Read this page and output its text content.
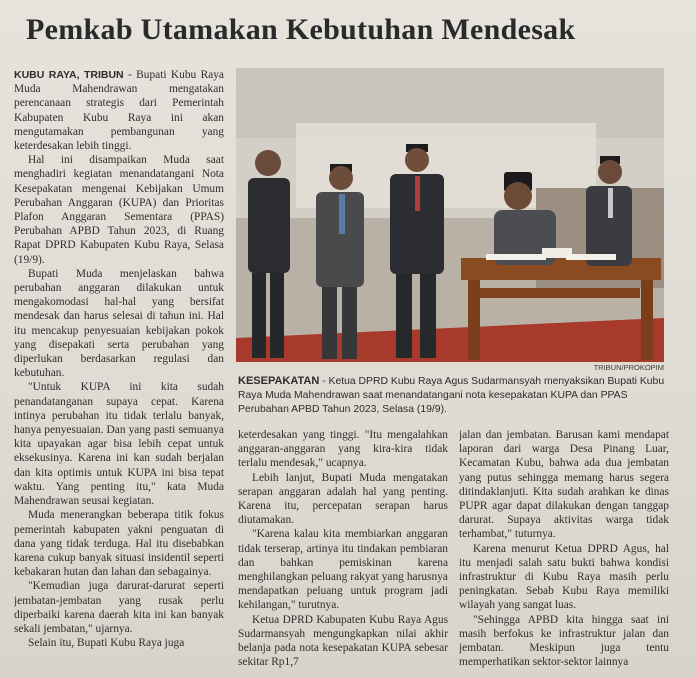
Pemkab Utamakan Kebutuhan Mendesak

KUBU RAYA, TRIBUN - Bupati Kubu Raya Muda Mahendrawan mengatakan perencanaan strategis dari Pemerintah Kabupaten Kubu Raya ini akan mengutamakan pembangunan yang keterdesakan lebih tinggi.

Hal ini disampaikan Muda saat menghadiri kegiatan menandatangani Nota Kesepakatan mengenai Kebijakan Umum Perubahan Anggaran (KUPA) dan Prioritas Plafon Anggaran Sementara (PPAS) Perubahan APBD Tahun 2023, di Ruang Rapat DPRD Kabupaten Kubu Raya, Selasa (19/9).

Bupati Muda menjelaskan bahwa perubahan anggaran dilakukan untuk mengakomodasi hal-hal yang bersifat mendesak dan harus selesai di tahun ini. Hal itu mencakup penyesuaian kebijakan pokok yang disepakati serta perubahan yang diperlukan berdasarkan regulasi dan kebutuhan.

"Untuk KUPA ini kita sudah penandatanganan supaya cepat. Karena intinya perubahan itu tidak terlalu banyak, hanya penyesuaian. Dan yang pasti semuanya kita upayakan agar bisa lebih cepat untuk eksekusinya. Karena ini kan sudah berjalan dan kita optimis untuk KUPA ini bisa tepat waktu. Yang penting itu," kata Muda Mahendrawan seusai kegiatan.

Muda menerangkan beberapa titik fokus pemerintah kabupaten yakni penguatan di dana yang tidak terduga. Hal itu disebabkan karena cukup banyak situasi insidentil seperti kebakaran hutan dan lahan dan sebagainya.

"Kemudian juga darurat-darurat seperti jembatan-jembatan yang rusak perlu diperbaiki karena daerah kita ini kan banyak sekali jembatan," ujarnya.

Selain itu, Bupati Kubu Raya juga

TRIBUN/PROKOPIM
KESEPAKATAN - Ketua DPRD Kubu Raya Agus Sudarmansyah menyaksikan Bupati Kubu Raya Muda Mahendrawan saat menandatangani nota kesepakatan KUPA dan PPAS Perubahan APBD Tahun 2023, Selasa (19/9).

keterdesakan yang tinggi. "Itu mengalahkan anggaran-anggaran yang kira-kira tidak terlalu mendesak," ucapnya.

Lebih lanjut, Bupati Muda mengatakan serapan anggaran adalah hal yang penting. Karena itu, percepatan serapan harus diutamakan.

"Karena kalau kita membiarkan anggaran tidak terserap, artinya itu tindakan pembiaran dan bahkan pemiskinan karena menghilangkan peluang rakyat yang harusnya mendapatkan peluang untuk program jadi kehilangan," turutnya.

Ketua DPRD Kabupaten Kubu Raya Agus Sudarmansyah mengungkapkan nilai akhir belanja pada nota kesepakatan KUPA sebesar sekitar Rp1,7

jalan dan jembatan. Barusan kami mendapat laporan dari warga Desa Pinang Luar, Kecamatan Kubu, bahwa ada dua jembatan yang putus sehingga memang harus segera ditindaklanjuti. Kita sudah arahkan ke dinas PUPR agar dapat dilakukan dengan tanggap darurat. Supaya aktivitas warga tidak terhambat," tuturnya.

Karena menurut Ketua DPRD Agus, hal itu menjadi salah satu bukti bahwa kondisi infrastruktur di Kubu Raya masih perlu peningkatan. Sebab Kubu Raya memiliki wilayah yang sangat luas.

"Sehingga APBD kita hingga saat ini masih berfokus ke infrastruktur jalan dan jembatan. Meskipun juga tentu memperhatikan sektor-sektor lainnya
